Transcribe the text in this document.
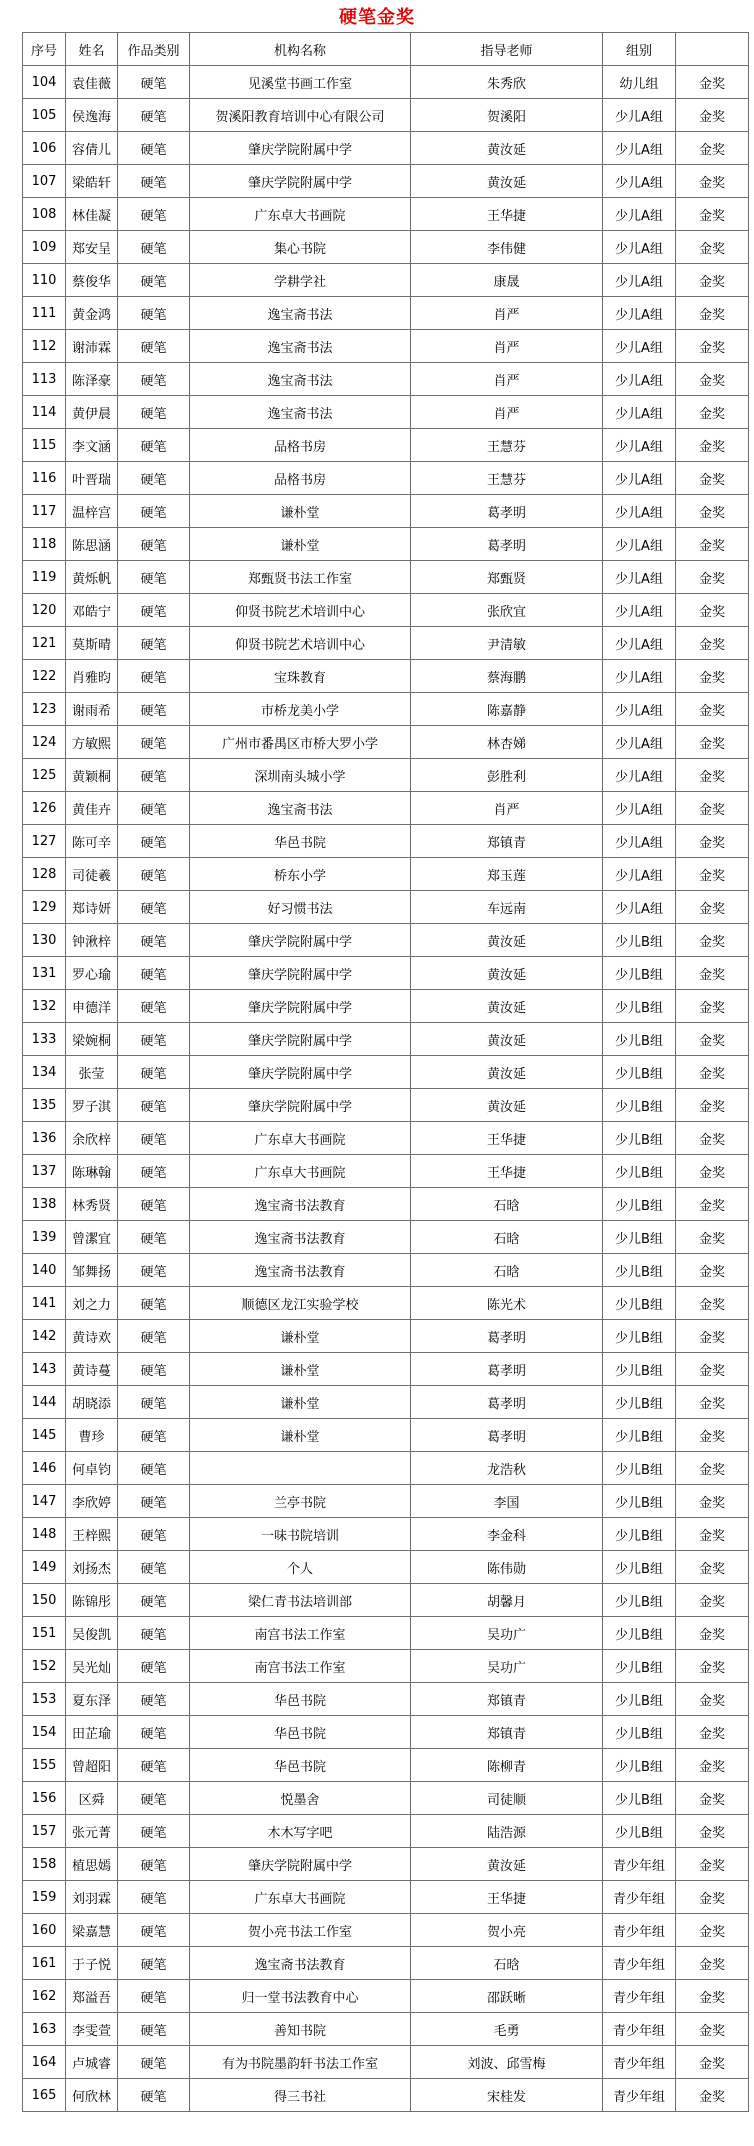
硬笔金奖
序号	姓名	作品类别	机构名称	指导老师	组别	
104	袁佳薇	硬笔	见溪堂书画工作室	朱秀欣	幼儿组	金奖
105	侯逸海	硬笔	贺溪阳教育培训中心有限公司	贺溪阳	少儿A组	金奖
106	容倩儿	硬笔	肇庆学院附属中学	黄汝延	少儿A组	金奖
107	梁皓轩	硬笔	肇庆学院附属中学	黄汝延	少儿A组	金奖
108	林佳凝	硬笔	广东卓大书画院	王华捷	少儿A组	金奖
109	郑安呈	硬笔	集心书院	李伟健	少儿A组	金奖
110	蔡俊华	硬笔	学耕学社	康晟	少儿A组	金奖
111	黄金鸿	硬笔	逸宝斋书法	肖严	少儿A组	金奖
112	谢沛霖	硬笔	逸宝斋书法	肖严	少儿A组	金奖
113	陈泽豪	硬笔	逸宝斋书法	肖严	少儿A组	金奖
114	黄伊晨	硬笔	逸宝斋书法	肖严	少儿A组	金奖
115	李文涵	硬笔	品格书房	王慧芬	少儿A组	金奖
116	叶晋瑞	硬笔	品格书房	王慧芬	少儿A组	金奖
117	温梓宫	硬笔	谦朴堂	葛孝明	少儿A组	金奖
118	陈思涵	硬笔	谦朴堂	葛孝明	少儿A组	金奖
119	黄烁帆	硬笔	郑甄贤书法工作室	郑甄贤	少儿A组	金奖
120	邓皓宁	硬笔	仰贤书院艺术培训中心	张欣宜	少儿A组	金奖
121	莫斯晴	硬笔	仰贤书院艺术培训中心	尹清敏	少儿A组	金奖
122	肖雅昀	硬笔	宝珠教育	蔡海鹏	少儿A组	金奖
123	谢雨希	硬笔	市桥龙美小学	陈嘉静	少儿A组	金奖
124	方敏熙	硬笔	广州市番禺区市桥大罗小学	林杏娣	少儿A组	金奖
125	黄颖桐	硬笔	深圳南头城小学	彭胜利	少儿A组	金奖
126	黄佳卉	硬笔	逸宝斋书法	肖严	少儿A组	金奖
127	陈可辛	硬笔	华邑书院	郑镇青	少儿A组	金奖
128	司徒羲	硬笔	桥东小学	郑玉莲	少儿A组	金奖
129	郑诗妍	硬笔	好习惯书法	车远南	少儿A组	金奖
130	钟湫梓	硬笔	肇庆学院附属中学	黄汝延	少儿B组	金奖
131	罗心瑜	硬笔	肇庆学院附属中学	黄汝延	少儿B组	金奖
132	申德洋	硬笔	肇庆学院附属中学	黄汝延	少儿B组	金奖
133	梁婉桐	硬笔	肇庆学院附属中学	黄汝延	少儿B组	金奖
134	张莹	硬笔	肇庆学院附属中学	黄汝延	少儿B组	金奖
135	罗子淇	硬笔	肇庆学院附属中学	黄汝延	少儿B组	金奖
136	余欣梓	硬笔	广东卓大书画院	王华捷	少儿B组	金奖
137	陈琳翰	硬笔	广东卓大书画院	王华捷	少儿B组	金奖
138	林秀贤	硬笔	逸宝斋书法教育	石晗	少儿B组	金奖
139	曾潔宜	硬笔	逸宝斋书法教育	石晗	少儿B组	金奖
140	邹舞扬	硬笔	逸宝斋书法教育	石晗	少儿B组	金奖
141	刘之力	硬笔	顺德区龙江实验学校	陈光术	少儿B组	金奖
142	黄诗欢	硬笔	谦朴堂	葛孝明	少儿B组	金奖
143	黄诗蔓	硬笔	谦朴堂	葛孝明	少儿B组	金奖
144	胡晓添	硬笔	谦朴堂	葛孝明	少儿B组	金奖
145	曹珍	硬笔	谦朴堂	葛孝明	少儿B组	金奖
146	何卓钧	硬笔		龙浩秋	少儿B组	金奖
147	李欣婷	硬笔	兰亭书院	李国	少儿B组	金奖
148	王梓熙	硬笔	一味书院培训	李金科	少儿B组	金奖
149	刘扬杰	硬笔	个人	陈伟勋	少儿B组	金奖
150	陈锦彤	硬笔	梁仁青书法培训部	胡馨月	少儿B组	金奖
151	吴俊凯	硬笔	南宫书法工作室	吴功广	少儿B组	金奖
152	吴光灿	硬笔	南宫书法工作室	吴功广	少儿B组	金奖
153	夏东泽	硬笔	华邑书院	郑镇青	少儿B组	金奖
154	田芷瑜	硬笔	华邑书院	郑镇青	少儿B组	金奖
155	曾超阳	硬笔	华邑书院	陈柳青	少儿B组	金奖
156	区舜	硬笔	悦墨舍	司徒顺	少儿B组	金奖
157	张元菁	硬笔	木木写字吧	陆浩源	少儿B组	金奖
158	植思嫣	硬笔	肇庆学院附属中学	黄汝延	青少年组	金奖
159	刘羽霖	硬笔	广东卓大书画院	王华捷	青少年组	金奖
160	梁嘉慧	硬笔	贺小亮书法工作室	贺小亮	青少年组	金奖
161	于子悦	硬笔	逸宝斋书法教育	石晗	青少年组	金奖
162	郑溢吾	硬笔	归一堂书法教育中心	邵跃晰	青少年组	金奖
163	李雯萱	硬笔	善知书院	毛勇	青少年组	金奖
164	卢城睿	硬笔	有为书院墨韵轩书法工作室	刘波、邱雪梅	青少年组	金奖
165	何欣林	硬笔	得三书社	宋桂发	青少年组	金奖
